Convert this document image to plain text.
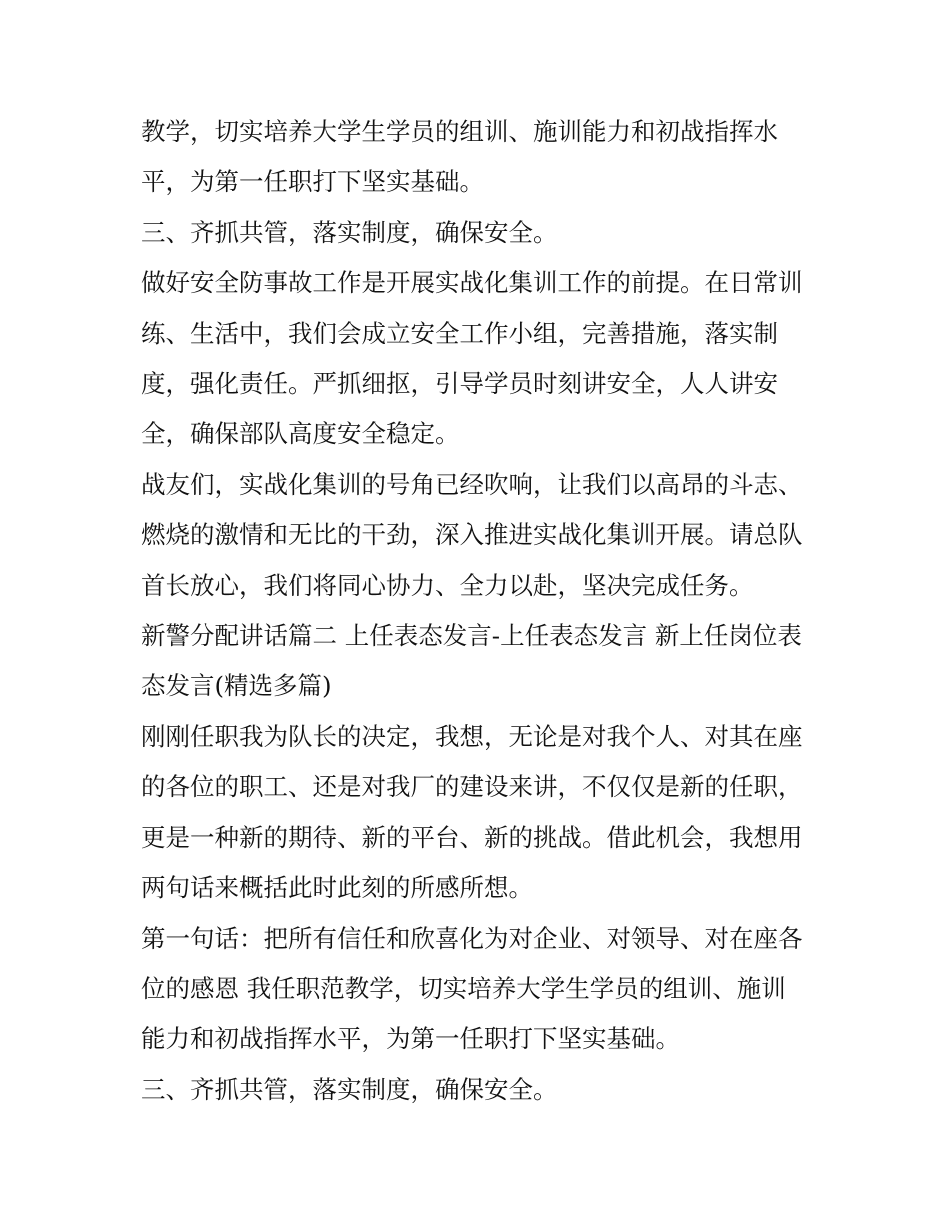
教学，切实培养大学生学员的组训、施训能力和初战指挥水

平，为第一任职打下坚实基础。

三、齐抓共管，落实制度，确保安全。

做好安全防事故工作是开展实战化集训工作的前提。在日常训

练、生活中，我们会成立安全工作小组，完善措施，落实制

度，强化责任。严抓细抠，引导学员时刻讲安全，人人讲安

全，确保部队高度安全稳定。

战友们，实战化集训的号角已经吹响，让我们以高昂的斗志、

燃烧的激情和无比的干劲，深入推进实战化集训开展。请总队

首长放心，我们将同心协力、全力以赴，坚决完成任务。

新警分配讲话篇二 上任表态发言-上任表态发言 新上任岗位表

态发言(精选多篇)

刚刚任职我为队长的决定，我想，无论是对我个人、对其在座

的各位的职工、还是对我厂的建设来讲，不仅仅是新的任职，

更是一种新的期待、新的平台、新的挑战。借此机会，我想用

两句话来概括此时此刻的所感所想。

第一句话：把所有信任和欣喜化为对企业、对领导、对在座各

位的感恩 我任职范教学，切实培养大学生学员的组训、施训

能力和初战指挥水平，为第一任职打下坚实基础。

三、齐抓共管，落实制度，确保安全。
